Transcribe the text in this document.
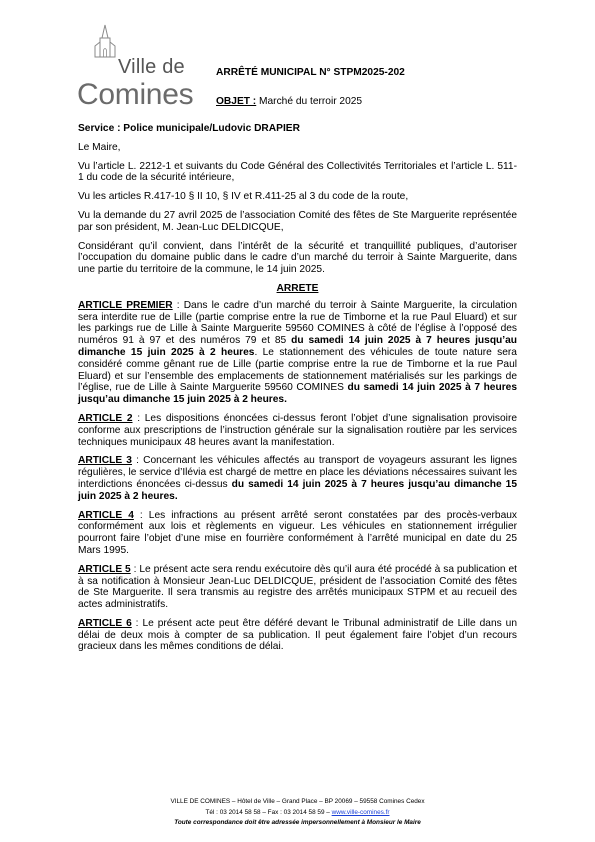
Ville de
Comines
ARRÊTÉ MUNICIPAL N° STPM2025-202
OBJET : Marché du terroir 2025

Service : Police municipale/Ludovic DRAPIER

Le Maire,

Vu l’article L. 2212-1 et suivants du Code Général des Collectivités Territoriales et l’article L. 511-1 du code de la sécurité intérieure,

Vu les articles R.417-10 § II 10, § IV et R.411-25 al 3 du code de la route,

Vu la demande du 27 avril 2025 de l’association Comité des fêtes de Ste Marguerite représentée par son président, M. Jean-Luc DELDICQUE,

Considérant qu’il convient, dans l’intérêt de la sécurité et tranquillité publiques, d’autoriser l’occupation du domaine public dans le cadre d’un marché du terroir à Sainte Marguerite, dans une partie du territoire de la commune, le 14 juin 2025.

ARRETE

ARTICLE PREMIER : Dans le cadre d’un marché du terroir à Sainte Marguerite, la circulation sera interdite rue de Lille (partie comprise entre la rue de Timborne et la rue Paul Eluard) et sur les parkings rue de Lille à Sainte Marguerite 59560 COMINES à côté de l’église à l’opposé des numéros 91 à 97 et des numéros 79 et 85 du samedi 14 juin 2025 à 7 heures jusqu’au dimanche 15 juin 2025 à 2 heures. Le stationnement des véhicules de toute nature sera considéré comme gênant rue de Lille (partie comprise entre la rue de Timborne et la rue Paul Eluard) et sur l’ensemble des emplacements de stationnement matérialisés sur les parkings de l’église, rue de Lille à Sainte Marguerite 59560 COMINES du samedi 14 juin 2025 à 7 heures jusqu’au dimanche 15 juin 2025 à 2 heures.

ARTICLE 2 : Les dispositions énoncées ci-dessus feront l’objet d’une signalisation provisoire conforme aux prescriptions de l’instruction générale sur la signalisation routière par les services techniques municipaux 48 heures avant la manifestation.

ARTICLE 3 : Concernant les véhicules affectés au transport de voyageurs assurant les lignes régulières, le service d’Ilévia est chargé de mettre en place les déviations nécessaires suivant les interdictions énoncées ci-dessus du samedi 14 juin 2025 à 7 heures jusqu’au dimanche 15 juin 2025 à 2 heures.

ARTICLE 4 : Les infractions au présent arrêté seront constatées par des procès-verbaux conformément aux lois et règlements en vigueur. Les véhicules en stationnement irrégulier pourront faire l’objet d’une mise en fourrière conformément à l’arrêté municipal en date du 25 Mars 1995.

ARTICLE 5 : Le présent acte sera rendu exécutoire dès qu’il aura été procédé à sa publication et à sa notification à Monsieur Jean-Luc DELDICQUE, président de l’association Comité des fêtes de Ste Marguerite. Il sera transmis au registre des arrêtés municipaux STPM et au recueil des actes administratifs.

ARTICLE 6 : Le présent acte peut être déféré devant le Tribunal administratif de Lille dans un délai de deux mois à compter de sa publication. Il peut également faire l’objet d’un recours gracieux dans les mêmes conditions de délai.

VILLE DE COMINES – Hôtel de Ville – Grand Place – BP 20069 – 59558 Comines Cedex
Tél : 03 2014 58 58 – Fax : 03 2014 58 59 – www.ville-comines.fr
Toute correspondance doit être adressée impersonnellement à Monsieur le Maire
